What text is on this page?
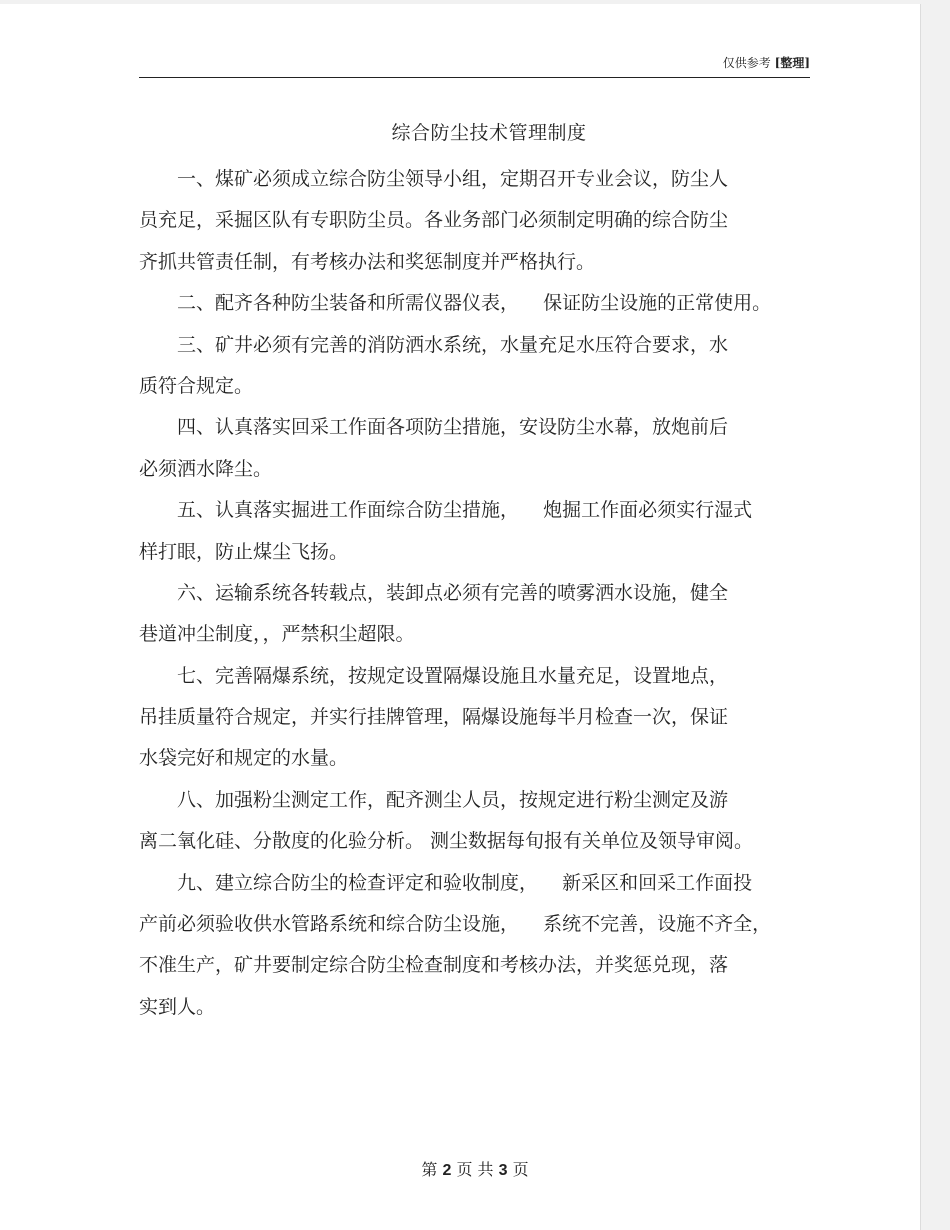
仅供参考 [整理]
综合防尘技术管理制度
　　一、煤矿必须成立综合防尘领导小组，定期召开专业会议，防尘人
员充足，采掘区队有专职防尘员。各业务部门必须制定明确的综合防尘
齐抓共管责任制，有考核办法和奖惩制度并严格执行。
　　二、配齐各种防尘装备和所需仪器仪表，    保证防尘设施的正常使用。
　　三、矿井必须有完善的消防洒水系统，水量充足水压符合要求，水
质符合规定。
　　四、认真落实回采工作面各项防尘措施，安设防尘水幕，放炮前后
必须洒水降尘。
　　五、认真落实掘进工作面综合防尘措施，    炮掘工作面必须实行湿式
样打眼，防止煤尘飞扬。
　　六、运输系统各转载点，装卸点必须有完善的喷雾洒水设施，健全
巷道冲尘制度，，严禁积尘超限。
　　七、完善隔爆系统，按规定设置隔爆设施且水量充足，设置地点，
吊挂质量符合规定，并实行挂牌管理，隔爆设施每半月检查一次，保证
水袋完好和规定的水量。
　　八、加强粉尘测定工作，配齐测尘人员，按规定进行粉尘测定及游
离二氧化硅、分散度的化验分析。 测尘数据每旬报有关单位及领导审阅。
　　九、建立综合防尘的检查评定和验收制度，    新采区和回采工作面投
产前必须验收供水管路系统和综合防尘设施，    系统不完善，设施不齐全，
不准生产，矿井要制定综合防尘检查制度和考核办法，并奖惩兑现，落
实到人。
第 2 页 共 3 页
